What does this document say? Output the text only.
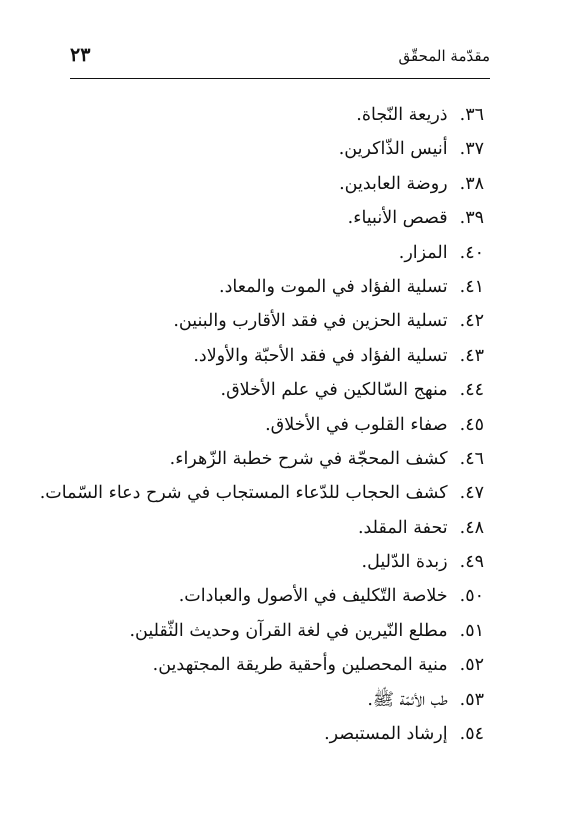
مقدّمة المحقّق
٢٣
٣٦.ذريعة النّجاة.
٣٧.أنيس الذّاكرين.
٣٨.روضة العابدين.
٣٩.قصص الأنبياء.
٤٠.المزار.
٤١.تسلية الفؤاد في الموت والمعاد.
٤٢.تسلية الحزين في فقد الأقارب والبنين.
٤٣.تسلية الفؤاد في فقد الأحبّة والأولاد.
٤٤.منهج السّالكين في علم الأخلاق.
٤٥.صفاء القلوب في الأخلاق.
٤٦.كشف المحجّة في شرح خطبة الزّهراء.
٤٧.كشف الحجاب للدّعاء المستجاب في شرح دعاء السّمات.
٤٨.تحفة المقلد.
٤٩.زبدة الدّليل.
٥٠.خلاصة التّكليف في الأصول والعبادات.
٥١.مطلع النّيرين في لغة القرآن وحديث الثّقلين.
٥٢.منية المحصلين وأحقية طريقة المجتهدين.
٥٣.طب الأئمّة ﷺ.
٥٤.إرشاد المستبصر.
